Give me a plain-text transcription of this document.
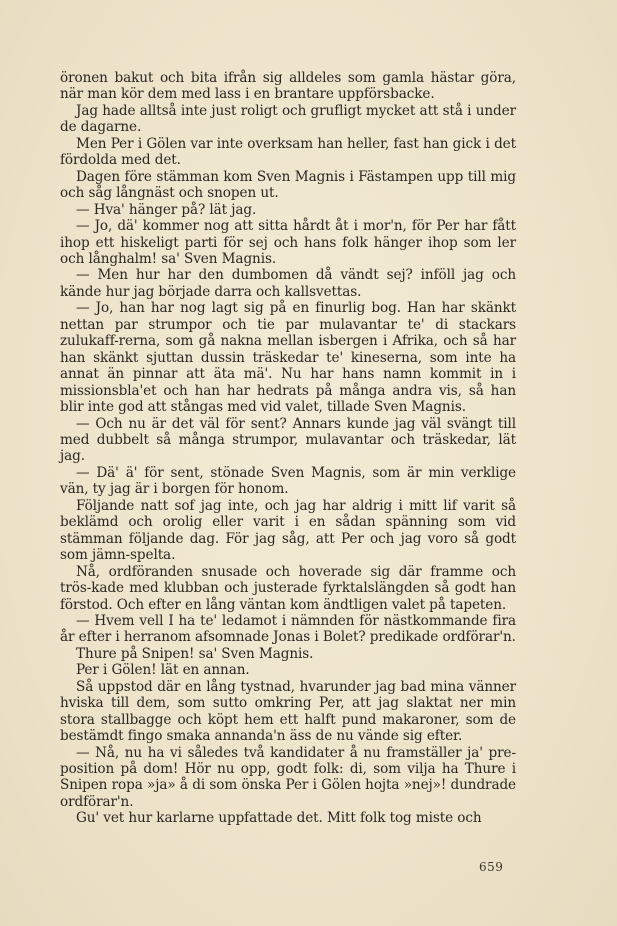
öronen bakut och bita ifrån sig alldeles som gamla hästar göra, när man kör dem med lass i en brantare uppförsbacke.

Jag hade alltså inte just roligt och grufligt mycket att stå i under de dagarne.

Men Per i Gölen var inte overksam han heller, fast han gick i det fördolda med det.

Dagen före stämman kom Sven Magnis i Fästampen upp till mig och såg långnäst och snopen ut.

— Hva' hänger på? lät jag.

— Jo, dä' kommer nog att sitta hårdt åt i mor'n, för Per har fått ihop ett hiskeligt parti för sej och hans folk hänger ihop som ler och långhalm! sa' Sven Magnis.

— Men hur har den dumbomen då vändt sej? inföll jag och kände hur jag började darra och kallsvettas.

— Jo, han har nog lagt sig på en finurlig bog. Han har skänkt nettan par strumpor och tie par mulavantar te' di stackars zulukaff-rerna, som gå nakna mellan isbergen i Afrika, och så har han skänkt sjuttan dussin träskedar te' kineserna, som inte ha annat än pinnar att äta mä'. Nu har hans namn kommit in i missionsbla'et och han har hedrats på många andra vis, så han blir inte god att stångas med vid valet, tillade Sven Magnis.

— Och nu är det väl för sent? Annars kunde jag väl svängt till med dubbelt så många strumpor, mulavantar och träskedar, lät jag.

— Dä' ä' för sent, stönade Sven Magnis, som är min verklige vän, ty jag är i borgen för honom.

Följande natt sof jag inte, och jag har aldrig i mitt lif varit så beklämd och orolig eller varit i en sådan spänning som vid stämman följande dag. För jag såg, att Per och jag voro så godt som jämn-spelta.

Nå, ordföranden snusade och hoverade sig där framme och trös-kade med klubban och justerade fyrktalslängden så godt han förstod. Och efter en lång väntan kom ändtligen valet på tapeten.

— Hvem vell I ha te' ledamot i nämnden för nästkommande fira år efter i herranom afsomnade Jonas i Bolet? predikade ordförar'n.

Thure på Snipen! sa' Sven Magnis.

Per i Gölen! lät en annan.

Så uppstod där en lång tystnad, hvarunder jag bad mina vänner hviska till dem, som sutto omkring Per, att jag slaktat ner min stora stallbagge och köpt hem ett halft pund makaroner, som de bestämdt fingo smaka annanda'n äss de nu vände sig efter.

— Nå, nu ha vi således två kandidater å nu framställer ja' pre-position på dom! Hör nu opp, godt folk: di, som vilja ha Thure i Snipen ropa »ja» å di som önska Per i Gölen hojta »nej»! dundrade ordförar'n.

Gu' vet hur karlarne uppfattade det. Mitt folk tog miste och

659
